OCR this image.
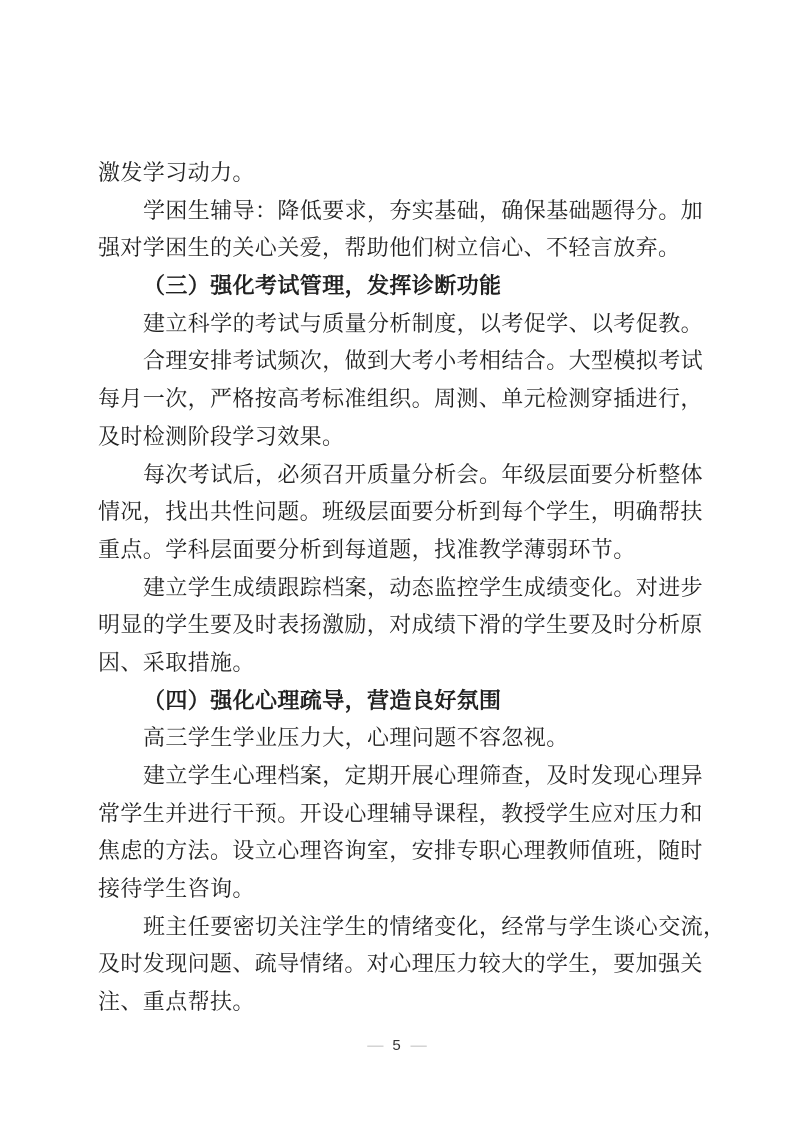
激发学习动力。
学困生辅导：降低要求，夯实基础，确保基础题得分。加
强对学困生的关心关爱，帮助他们树立信心、不轻言放弃。
（三）强化考试管理，发挥诊断功能
建立科学的考试与质量分析制度，以考促学、以考促教。
合理安排考试频次，做到大考小考相结合。大型模拟考试
每月一次，严格按高考标准组织。周测、单元检测穿插进行，
及时检测阶段学习效果。
每次考试后，必须召开质量分析会。年级层面要分析整体
情况，找出共性问题。班级层面要分析到每个学生，明确帮扶
重点。学科层面要分析到每道题，找准教学薄弱环节。
建立学生成绩跟踪档案，动态监控学生成绩变化。对进步
明显的学生要及时表扬激励，对成绩下滑的学生要及时分析原
因、采取措施。
（四）强化心理疏导，营造良好氛围
高三学生学业压力大，心理问题不容忽视。
建立学生心理档案，定期开展心理筛查，及时发现心理异
常学生并进行干预。开设心理辅导课程，教授学生应对压力和
焦虑的方法。设立心理咨询室，安排专职心理教师值班，随时
接待学生咨询。
班主任要密切关注学生的情绪变化，经常与学生谈心交流，
及时发现问题、疏导情绪。对心理压力较大的学生，要加强关
注、重点帮扶。
— 5 —
